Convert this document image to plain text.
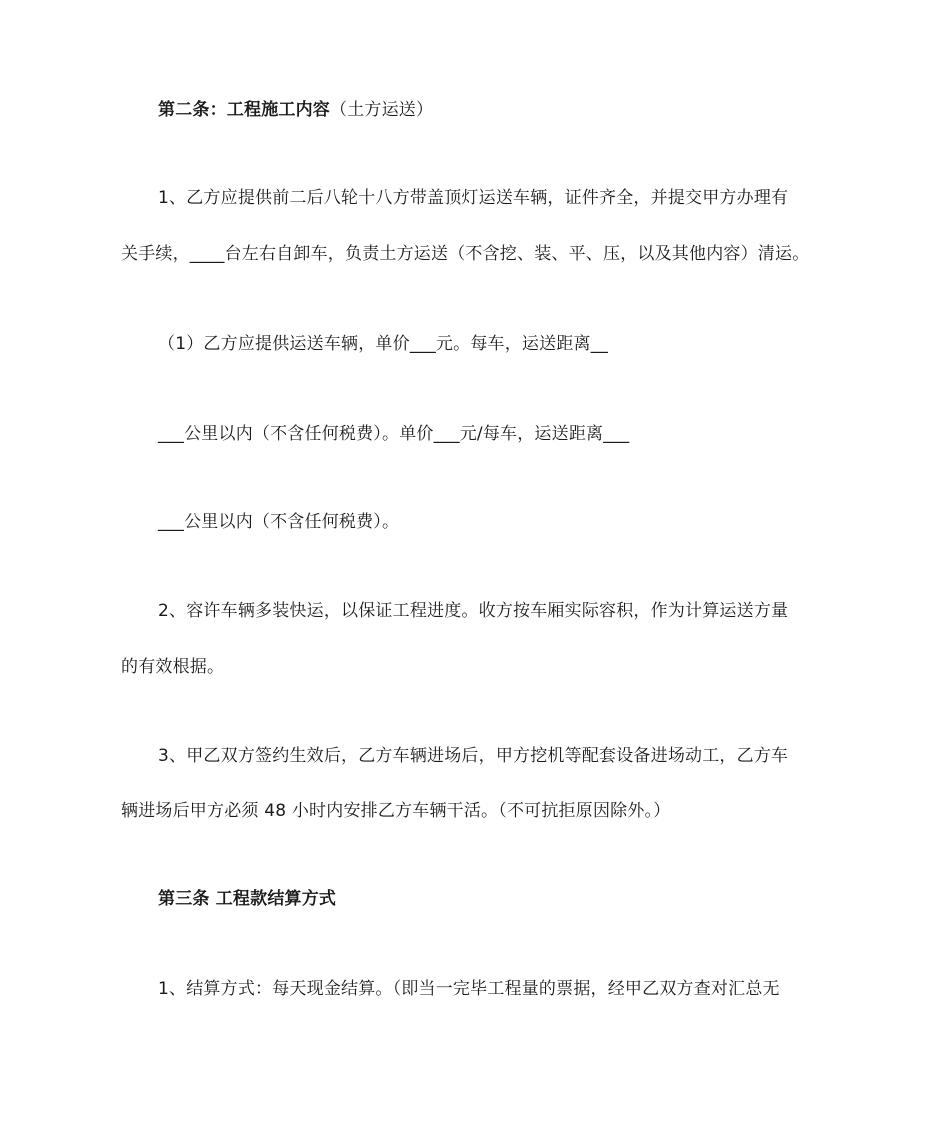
第二条：工程施工内容（土方运送）
1、乙方应提供前二后八轮十八方带盖顶灯运送车辆，证件齐全，并提交甲方办理有
关手续，____台左右自卸车，负责土方运送（不含挖、装、平、压，以及其他内容）清运。
（1）乙方应提供运送车辆，单价___元。每车，运送距离__
___公里以内（不含任何税费）。单价___元/每车，运送距离___
___公里以内（不含任何税费）。
2、容许车辆多装快运，以保证工程进度。收方按车厢实际容积，作为计算运送方量
的有效根据。
3、甲乙双方签约生效后，乙方车辆进场后，甲方挖机等配套设备进场动工，乙方车
辆进场后甲方必须 48 小时内安排乙方车辆干活。（不可抗拒原因除外。）
第三条 工程款结算方式
1、结算方式：每天现金结算。（即当一完毕工程量的票据，经甲乙双方查对汇总无
